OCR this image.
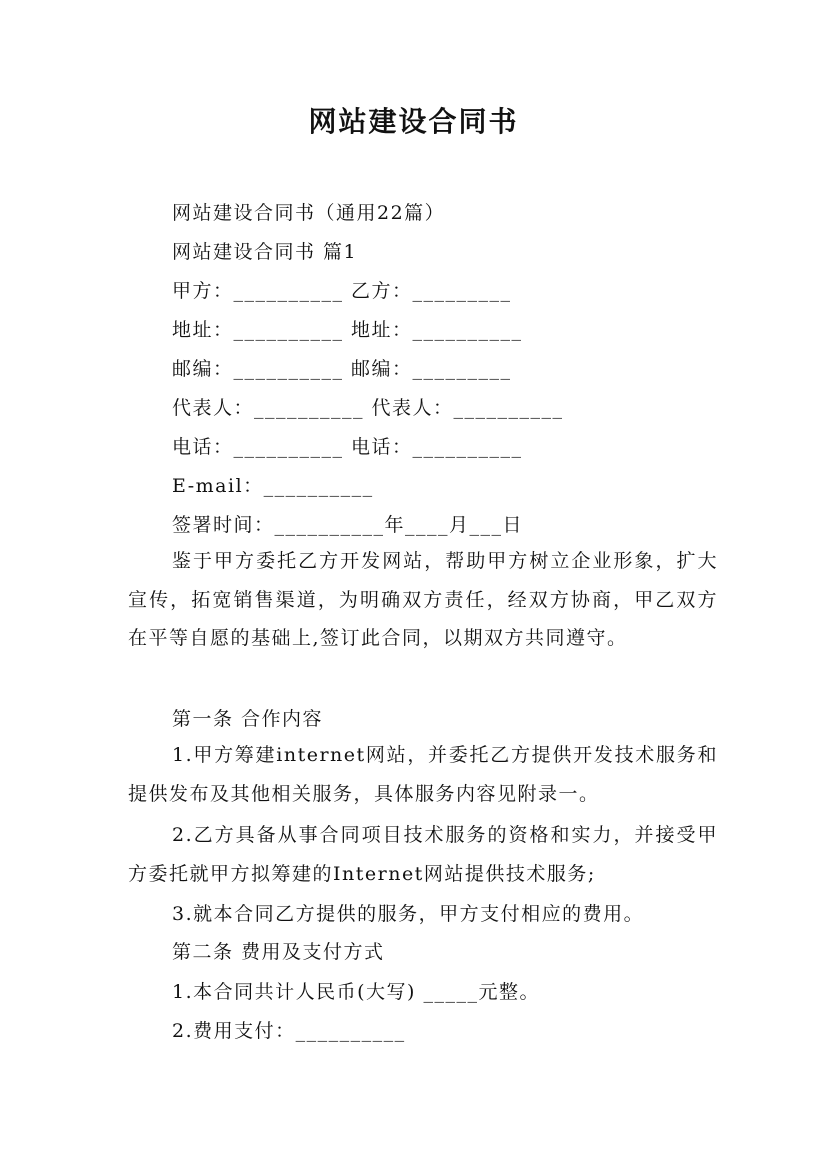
网站建设合同书
网站建设合同书（通用22篇）
网站建设合同书 篇1
甲方：__________ 乙方：_________
地址：__________ 地址：__________
邮编：__________ 邮编：_________
代表人：__________ 代表人：__________
电话：__________ 电话：__________
E-mail：__________
签署时间：__________年____月___日
鉴于甲方委托乙方开发网站，帮助甲方树立企业形象，扩大宣传，拓宽销售渠道，为明确双方责任，经双方协商，甲乙双方在平等自愿的基础上,签订此合同，以期双方共同遵守。
第一条 合作内容
1.甲方筹建internet网站，并委托乙方提供开发技术服务和提供发布及其他相关服务，具体服务内容见附录一。
2.乙方具备从事合同项目技术服务的资格和实力，并接受甲方委托就甲方拟筹建的Internet网站提供技术服务;
3.就本合同乙方提供的服务，甲方支付相应的费用。
第二条 费用及支付方式
1.本合同共计人民币(大写) _____元整。
2.费用支付：__________
